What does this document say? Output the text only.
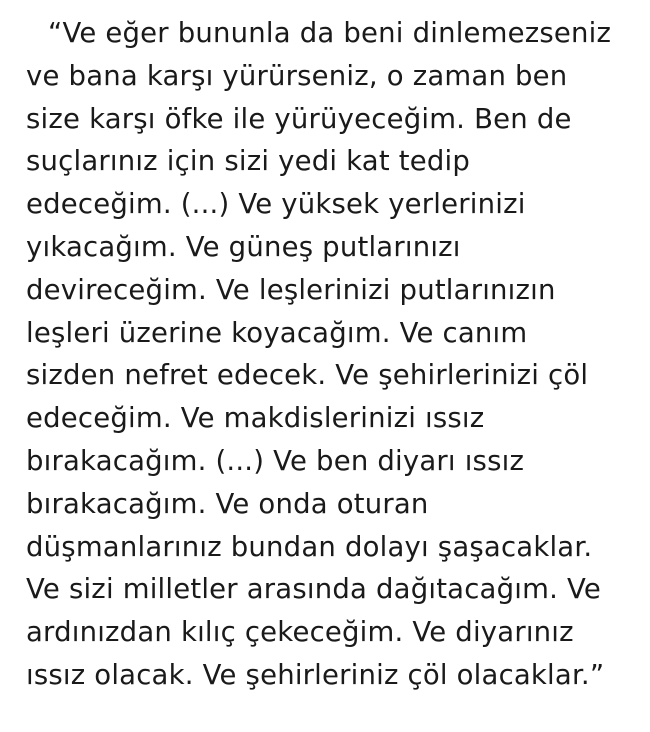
“Ve eğer bununla da beni dinlemezseniz
ve bana karşı yürürseniz, o zaman ben
size karşı öfke ile yürüyeceğim. Ben de
suçlarınız için sizi yedi kat tedip
edeceğim. (...) Ve yüksek yerlerinizi
yıkacağım. Ve güneş putlarınızı
devireceğim. Ve leşlerinizi putlarınızın
leşleri üzerine koyacağım. Ve canım
sizden nefret edecek. Ve şehirlerinizi çöl
edeceğim. Ve makdislerinizi ıssız
bırakacağım. (...) Ve ben diyarı ıssız
bırakacağım. Ve onda oturan
düşmanlarınız bundan dolayı şaşacaklar.
Ve sizi milletler arasında dağıtacağım. Ve
ardınızdan kılıç çekeceğim. Ve diyarınız
ıssız olacak. Ve şehirleriniz çöl olacaklar.”
